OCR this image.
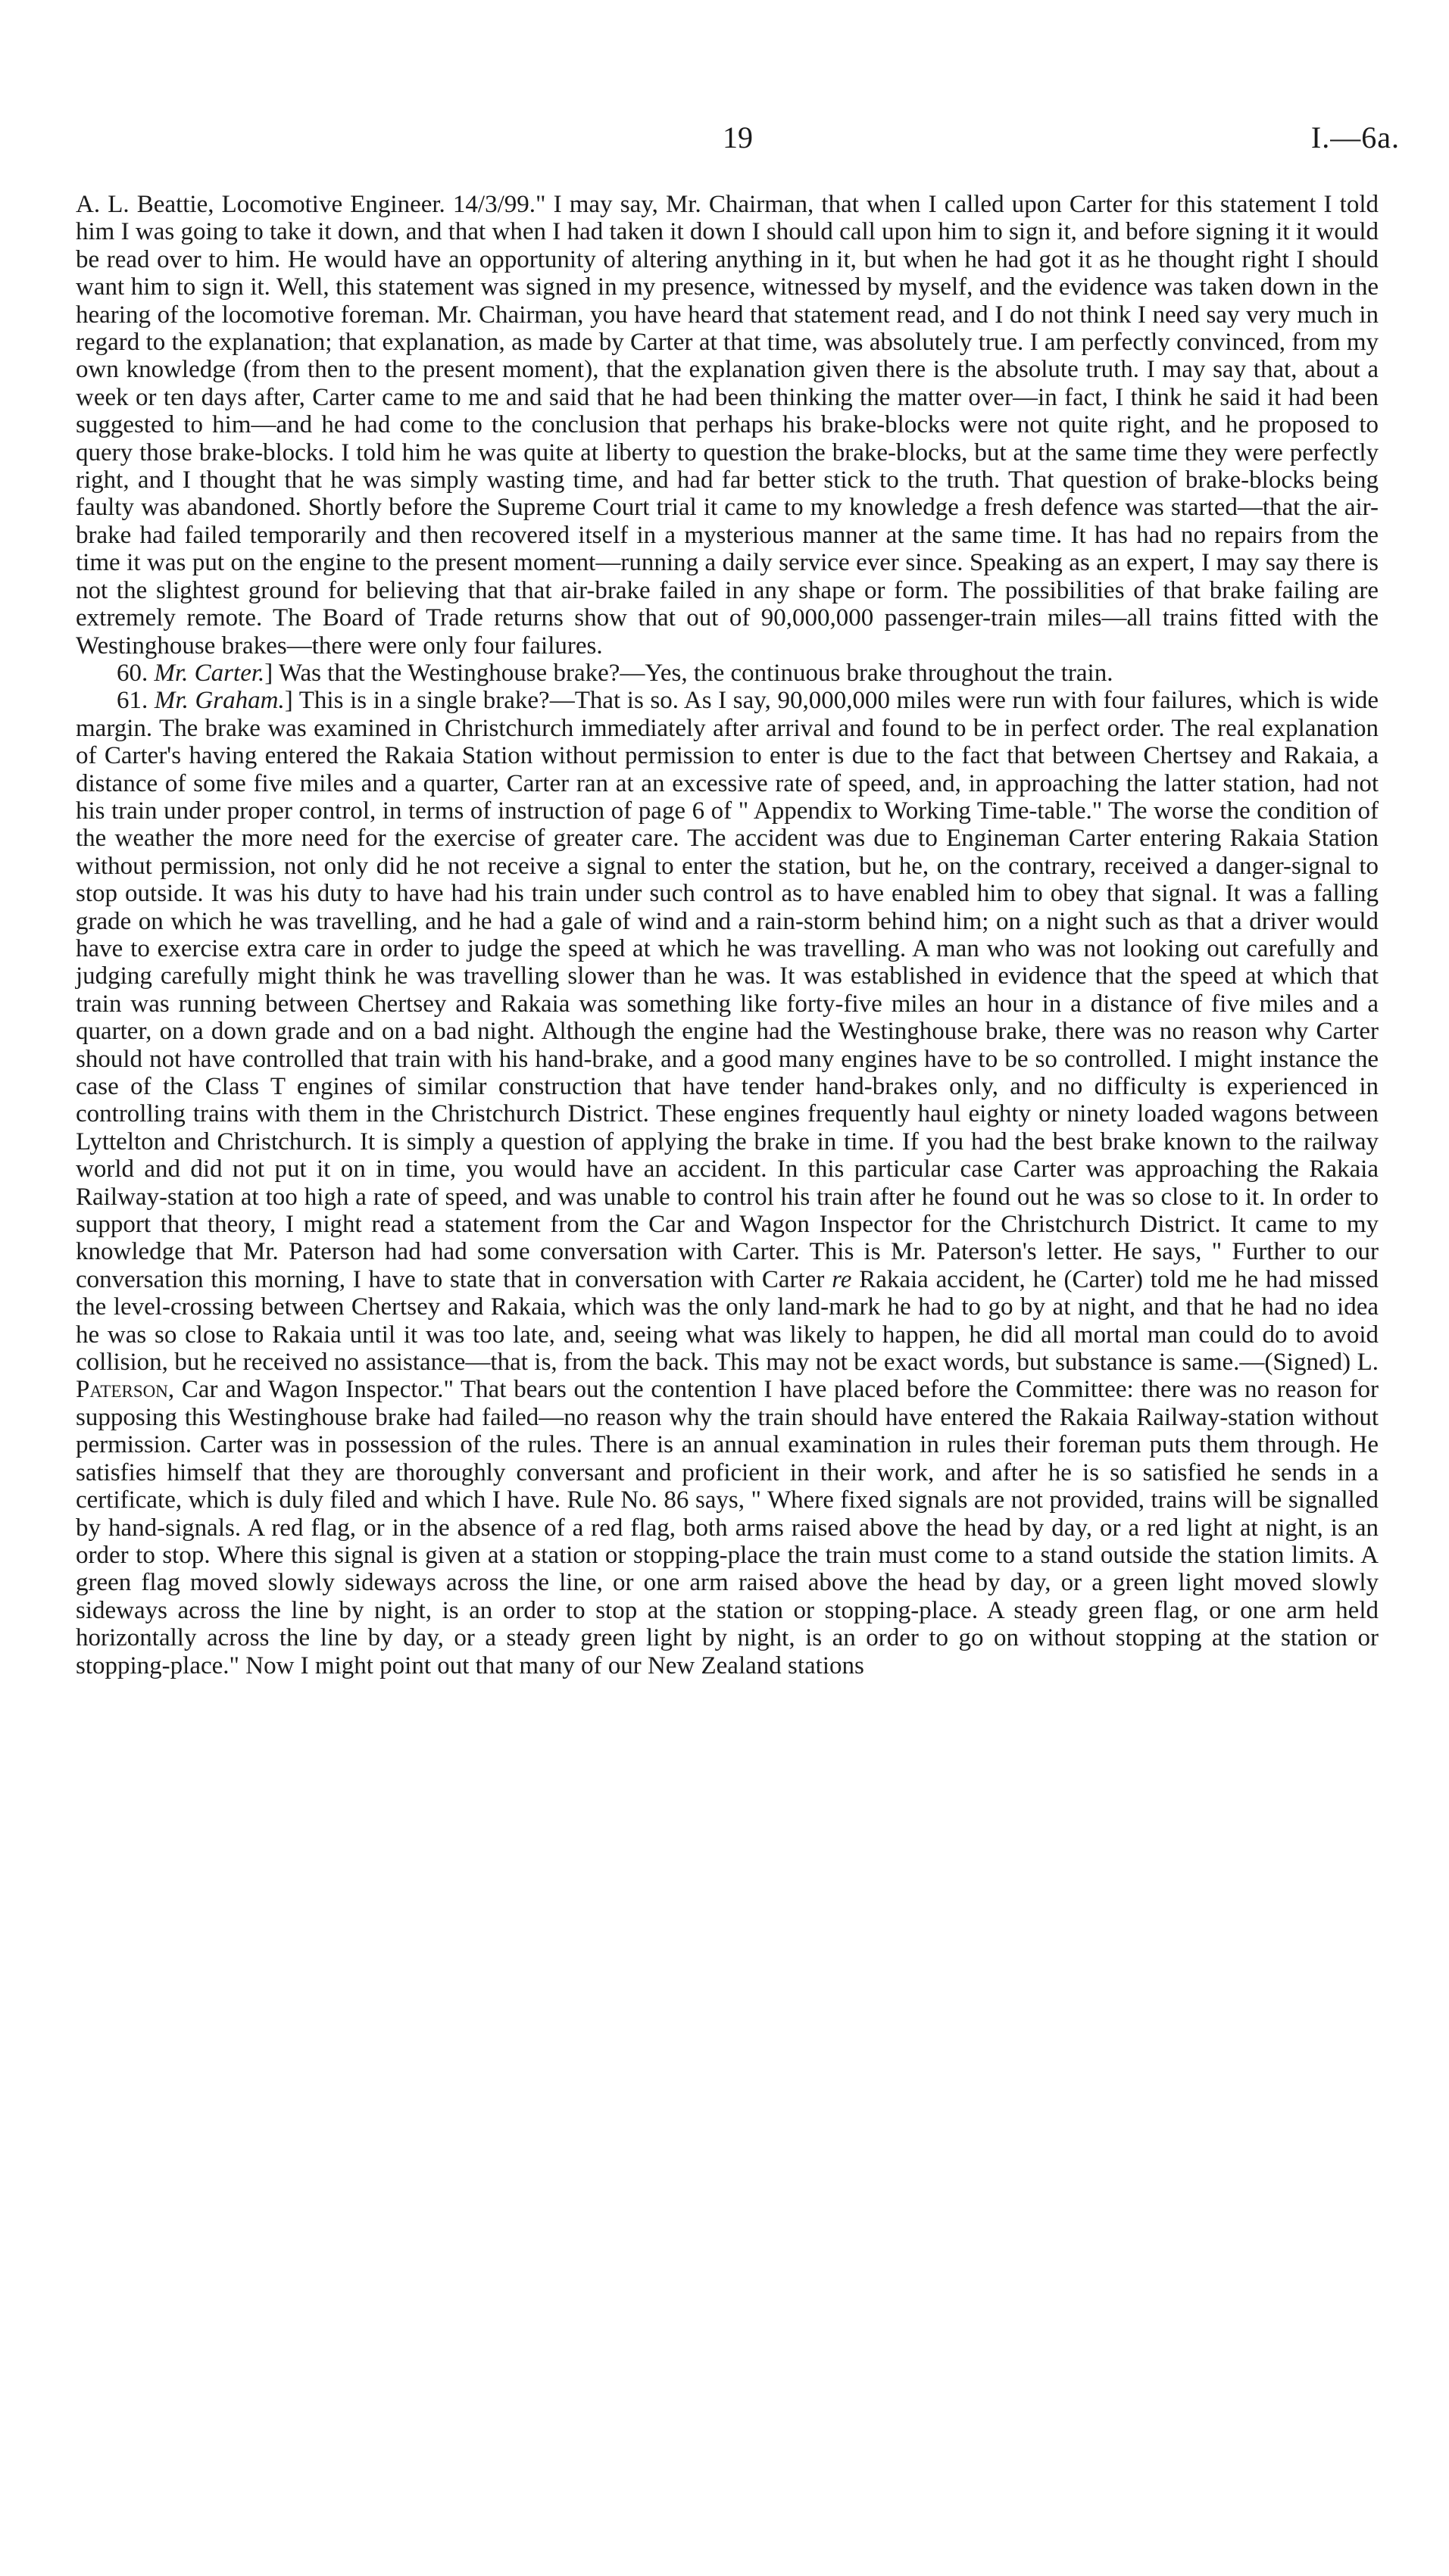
19	I.—6a.

A. L. Beattie, Locomotive Engineer. 14/3/99." I may say, Mr. Chairman, that when I called upon Carter for this statement I told him I was going to take it down, and that when I had taken it down I should call upon him to sign it, and before signing it it would be read over to him. He would have an opportunity of altering anything in it, but when he had got it as he thought right I should want him to sign it. Well, this statement was signed in my presence, witnessed by myself, and the evidence was taken down in the hearing of the locomotive foreman. Mr. Chairman, you have heard that statement read, and I do not think I need say very much in regard to the explanation; that explanation, as made by Carter at that time, was absolutely true. I am perfectly convinced, from my own knowledge (from then to the present moment), that the explanation given there is the absolute truth. I may say that, about a week or ten days after, Carter came to me and said that he had been thinking the matter over—in fact, I think he said it had been suggested to him—and he had come to the conclusion that perhaps his brake-blocks were not quite right, and he proposed to query those brake-blocks. I told him he was quite at liberty to question the brake-blocks, but at the same time they were perfectly right, and I thought that he was simply wasting time, and had far better stick to the truth. That question of brake-blocks being faulty was abandoned. Shortly before the Supreme Court trial it came to my knowledge a fresh defence was started—that the air-brake had failed temporarily and then recovered itself in a mysterious manner at the same time. It has had no repairs from the time it was put on the engine to the present moment—running a daily service ever since. Speaking as an expert, I may say there is not the slightest ground for believing that that air-brake failed in any shape or form. The possibilities of that brake failing are extremely remote. The Board of Trade returns show that out of 90,000,000 passenger-train miles—all trains fitted with the Westinghouse brakes—there were only four failures.

60. Mr. Carter.] Was that the Westinghouse brake?—Yes, the continuous brake throughout the train.

61. Mr. Graham.] This is in a single brake?—That is so. As I say, 90,000,000 miles were run with four failures, which is wide margin. The brake was examined in Christchurch immediately after arrival and found to be in perfect order. The real explanation of Carter's having entered the Rakaia Station without permission to enter is due to the fact that between Chertsey and Rakaia, a distance of some five miles and a quarter, Carter ran at an excessive rate of speed, and, in approaching the latter station, had not his train under proper control, in terms of instruction of page 6 of " Appendix to Working Time-table." The worse the condition of the weather the more need for the exercise of greater care. The accident was due to Engineman Carter entering Rakaia Station without permission, not only did he not receive a signal to enter the station, but he, on the contrary, received a danger-signal to stop outside. It was his duty to have had his train under such control as to have enabled him to obey that signal. It was a falling grade on which he was travelling, and he had a gale of wind and a rain-storm behind him; on a night such as that a driver would have to exercise extra care in order to judge the speed at which he was travelling. A man who was not looking out carefully and judging carefully might think he was travelling slower than he was. It was established in evidence that the speed at which that train was running between Chertsey and Rakaia was something like forty-five miles an hour in a distance of five miles and a quarter, on a down grade and on a bad night. Although the engine had the Westinghouse brake, there was no reason why Carter should not have controlled that train with his hand-brake, and a good many engines have to be so controlled. I might instance the case of the Class T engines of similar construction that have tender hand-brakes only, and no difficulty is experienced in controlling trains with them in the Christchurch District. These engines frequently haul eighty or ninety loaded wagons between Lyttelton and Christchurch. It is simply a question of applying the brake in time. If you had the best brake known to the railway world and did not put it on in time, you would have an accident. In this particular case Carter was approaching the Rakaia Railway-station at too high a rate of speed, and was unable to control his train after he found out he was so close to it. In order to support that theory, I might read a statement from the Car and Wagon Inspector for the Christchurch District. It came to my knowledge that Mr. Paterson had had some conversation with Carter. This is Mr. Paterson's letter. He says, " Further to our conversation this morning, I have to state that in conversation with Carter re Rakaia accident, he (Carter) told me he had missed the level-crossing between Chertsey and Rakaia, which was the only land-mark he had to go by at night, and that he had no idea he was so close to Rakaia until it was too late, and, seeing what was likely to happen, he did all mortal man could do to avoid collision, but he received no assistance—that is, from the back. This may not be exact words, but substance is same.—(Signed) L. Paterson, Car and Wagon Inspector." That bears out the contention I have placed before the Committee: there was no reason for supposing this Westinghouse brake had failed—no reason why the train should have entered the Rakaia Railway-station without permission. Carter was in possession of the rules. There is an annual examination in rules their foreman puts them through. He satisfies himself that they are thoroughly conversant and proficient in their work, and after he is so satisfied he sends in a certificate, which is duly filed and which I have. Rule No. 86 says, " Where fixed signals are not provided, trains will be signalled by hand-signals. A red flag, or in the absence of a red flag, both arms raised above the head by day, or a red light at night, is an order to stop. Where this signal is given at a station or stopping-place the train must come to a stand outside the station limits. A green flag moved slowly sideways across the line, or one arm raised above the head by day, or a green light moved slowly sideways across the line by night, is an order to stop at the station or stopping-place. A steady green flag, or one arm held horizontally across the line by day, or a steady green light by night, is an order to go on without stopping at the station or stopping-place." Now I might point out that many of our New Zealand stations
